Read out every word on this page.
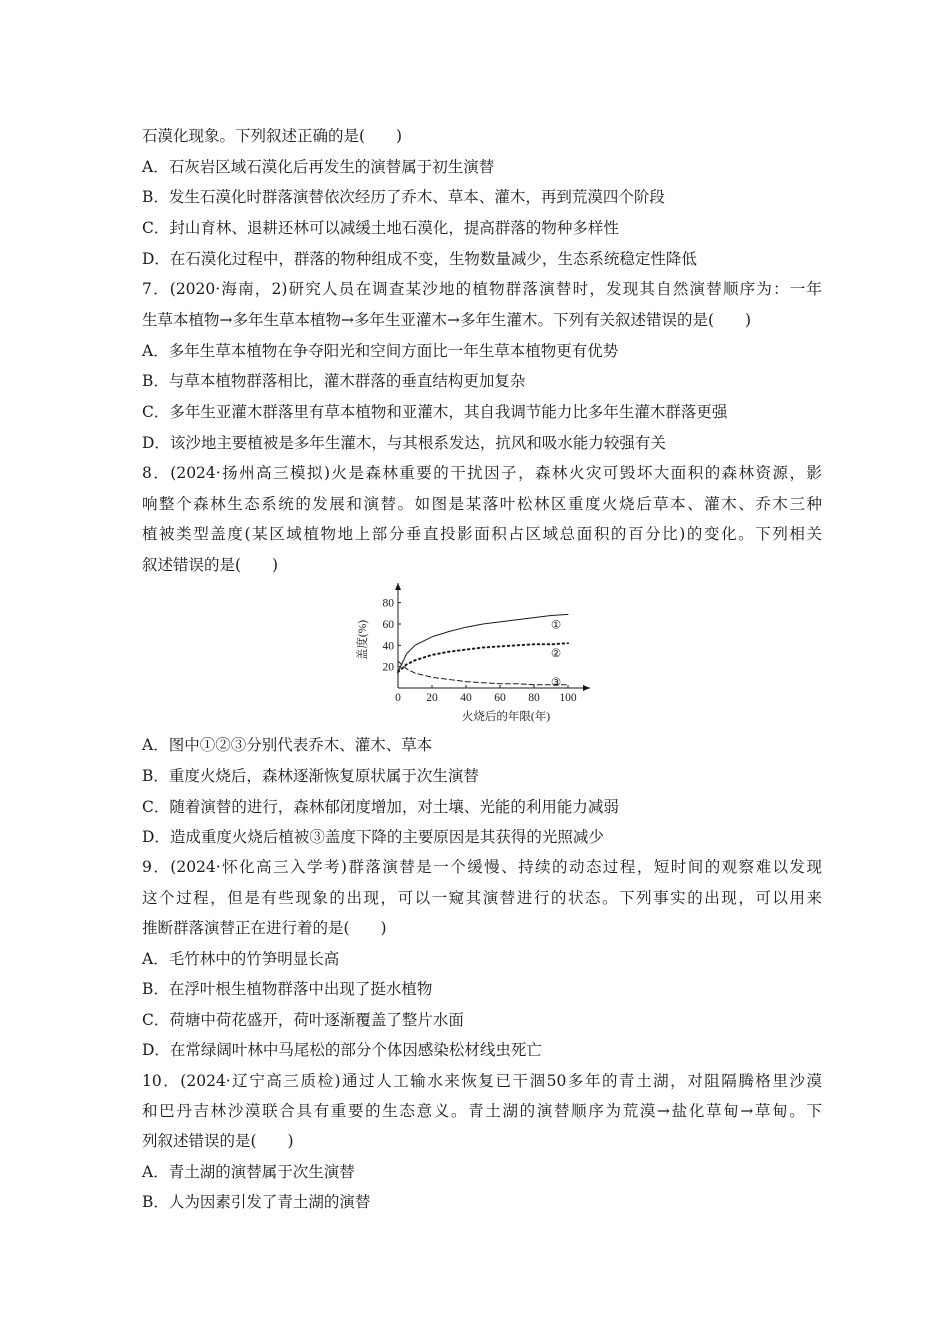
石漠化现象。下列叙述正确的是(　　)
A．石灰岩区域石漠化后再发生的演替属于初生演替
B．发生石漠化时群落演替依次经历了乔木、草本、灌木，再到荒漠四个阶段
C．封山育林、退耕还林可以减缓土地石漠化，提高群落的物种多样性
D．在石漠化过程中，群落的物种组成不变，生物数量减少，生态系统稳定性降低
7．(2020·海南，2)研究人员在调查某沙地的植物群落演替时，发现其自然演替顺序为：一年
生草本植物→多年生草本植物→多年生亚灌木→多年生灌木。下列有关叙述错误的是(　　)
A．多年生草本植物在争夺阳光和空间方面比一年生草本植物更有优势
B．与草本植物群落相比，灌木群落的垂直结构更加复杂
C．多年生亚灌木群落里有草本植物和亚灌木，其自我调节能力比多年生灌木群落更强
D．该沙地主要植被是多年生灌木，与其根系发达，抗风和吸水能力较强有关
8．(2024·扬州高三模拟)火是森林重要的干扰因子，森林火灾可毁坏大面积的森林资源，影
响整个森林生态系统的发展和演替。如图是某落叶松林区重度火烧后草本、灌木、乔木三种
植被类型盖度(某区域植物地上部分垂直投影面积占区域总面积的百分比)的变化。下列相关
叙述错误的是(　　)
0 20 40 60 80 100
20
40
60
80
①
②
③
盖度(%)
火烧后的年限(年)
A．图中①②③分别代表乔木、灌木、草本
B．重度火烧后，森林逐渐恢复原状属于次生演替
C．随着演替的进行，森林郁闭度增加，对土壤、光能的利用能力减弱
D．造成重度火烧后植被③盖度下降的主要原因是其获得的光照减少
9．(2024·怀化高三入学考)群落演替是一个缓慢、持续的动态过程，短时间的观察难以发现
这个过程，但是有些现象的出现，可以一窥其演替进行的状态。下列事实的出现，可以用来
推断群落演替正在进行着的是(　　)
A．毛竹林中的竹笋明显长高
B．在浮叶根生植物群落中出现了挺水植物
C．荷塘中荷花盛开，荷叶逐渐覆盖了整片水面
D．在常绿阔叶林中马尾松的部分个体因感染松材线虫死亡
10．(2024·辽宁高三质检)通过人工输水来恢复已干涸50多年的青土湖，对阻隔腾格里沙漠
和巴丹吉林沙漠联合具有重要的生态意义。青土湖的演替顺序为荒漠→盐化草甸→草甸。下
列叙述错误的是(　　)
A．青土湖的演替属于次生演替
B．人为因素引发了青土湖的演替
